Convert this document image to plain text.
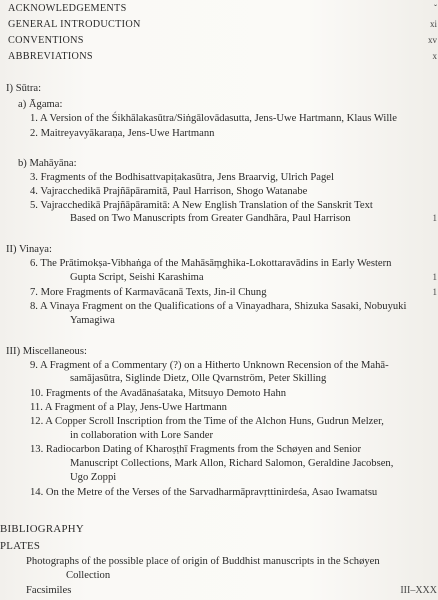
ACKNOWLEDGEMENTS	ˇ
GENERAL INTRODUCTION	xi
CONVENTIONS	xv
ABBREVIATIONS	x
I) Sūtra:
a) Āgama:
1. A Version of the Śikhālakasūtra/Siṅgālovādasutta, Jens-Uwe Hartmann, Klaus Wille
2. Maitreyavyākaraṇa, Jens-Uwe Hartmann
b) Mahāyāna:
3. Fragments of the Bodhisattvapiṭakasūtra, Jens Braarvig, Ulrich Pagel
4. Vajracchedikā Prajñāpāramitā, Paul Harrison, Shogo Watanabe
5. Vajracchedikā Prajñāpāramitā: A New English Translation of the Sanskrit Text
Based on Two Manuscripts from Greater Gandhāra, Paul Harrison	1
II) Vinaya:
6. The Prātimokṣa-Vibhaṅga of the Mahāsāṃghika-Lokottaravādins in Early Western
Gupta Script, Seishi Karashima	1
7. More Fragments of Karmavācanā Texts, Jin-il Chung	1
8. A Vinaya Fragment on the Qualifications of a Vinayadhara, Shizuka Sasaki, Nobuyuki
Yamagiwa
III) Miscellaneous:
9. A Fragment of a Commentary (?) on a Hitherto Unknown Recension of the Mahā-
samājasūtra, Siglinde Dietz, Olle Qvarnström, Peter Skilling
10. Fragments of the Avadānaśataka, Mitsuyo Demoto Hahn
11. A Fragment of a Play, Jens-Uwe Hartmann
12. A Copper Scroll Inscription from the Time of the Alchon Huns, Gudrun Melzer,
in collaboration with Lore Sander
13. Radiocarbon Dating of Kharoṣṭhī Fragments from the Schøyen and Senior
Manuscript Collections, Mark Allon, Richard Salomon, Geraldine Jacobsen,
Ugo Zoppi
14. On the Metre of the Verses of the Sarvadharmāpravṛttinirdeśa, Asao Iwamatsu
BIBLIOGRAPHY
PLATES
Photographs of the possible place of origin of Buddhist manuscripts in the Schøyen
Collection
Facsimiles	III–XXX
